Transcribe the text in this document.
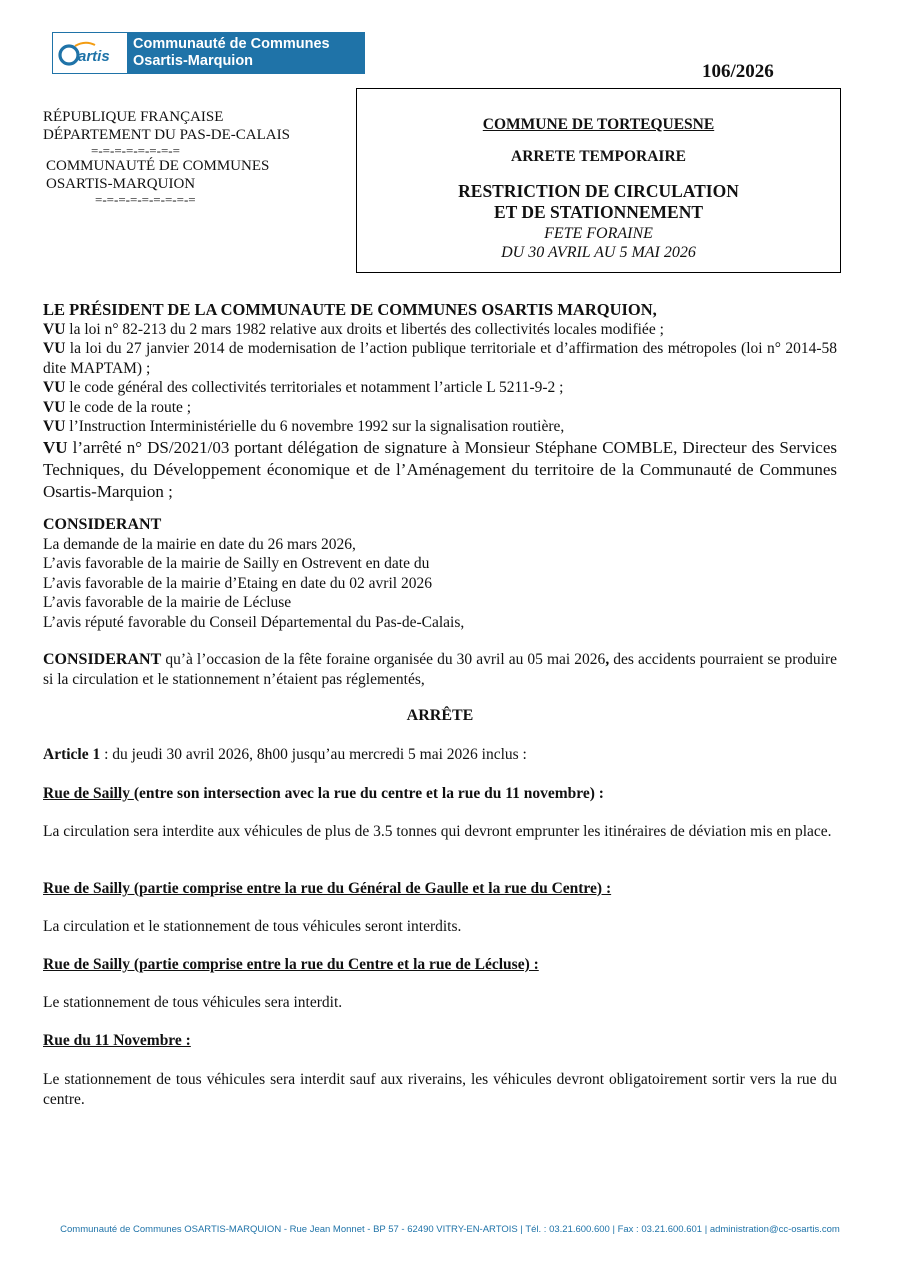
artis
Communauté de Communes
Osartis-Marquion	106/2026
RÉPUBLIQUE FRANÇAISE
DÉPARTEMENT DU PAS-DE-CALAIS
=-=-=-=-=-=-=-=
COMMUNAUTÉ DE COMMUNES
OSARTIS-MARQUION
=-=-=-=-=-=-=-=-=
COMMUNE DE TORTEQUESNE
ARRETE TEMPORAIRE
RESTRICTION DE CIRCULATION
ET DE STATIONNEMENT
FETE FORAINE
DU 30 AVRIL AU 5 MAI 2026
LE PRÉSIDENT DE LA COMMUNAUTE DE COMMUNES OSARTIS MARQUION,
VU la loi n° 82-213 du 2 mars 1982 relative aux droits et libertés des collectivités locales modifiée ;
VU la loi du 27 janvier 2014 de modernisation de l’action publique territoriale et d’affirmation des métropoles (loi n° 2014-58 dite MAPTAM) ;
VU le code général des collectivités territoriales et notamment l’article L 5211-9-2 ;
VU le code de la route ;
VU l’Instruction Interministérielle du 6 novembre 1992 sur la signalisation routière,
VU l’arrêté n° DS/2021/03 portant délégation de signature à Monsieur Stéphane COMBLE, Directeur des Services Techniques, du Développement économique et de l’Aménagement du territoire de la Communauté de Communes Osartis-Marquion ;
CONSIDERANT
La demande de la mairie en date du 26 mars 2026,
L’avis favorable de la mairie de Sailly en Ostrevent en date du
L’avis favorable de la mairie d’Etaing en date du 02 avril 2026
L’avis favorable de la mairie de Lécluse
L’avis réputé favorable du Conseil Départemental du Pas-de-Calais,
CONSIDERANT qu’à l’occasion de la fête foraine organisée du 30 avril au 05 mai 2026, des accidents pourraient se produire si la circulation et le stationnement n’étaient pas réglementés,
ARRÊTE
Article 1 : du jeudi 30 avril 2026, 8h00 jusqu’au mercredi 5 mai 2026 inclus :
Rue de Sailly (entre son intersection avec la rue du centre et la rue du 11 novembre) :
La circulation sera interdite aux véhicules de plus de 3.5 tonnes qui devront emprunter les itinéraires de déviation mis en place.
Rue de Sailly (partie comprise entre la rue du Général de Gaulle et la rue du Centre) :
La circulation et le stationnement de tous véhicules seront interdits.
Rue de Sailly (partie comprise entre la rue du Centre et la rue de Lécluse) :
Le stationnement de tous véhicules sera interdit.
Rue du 11 Novembre :
Le stationnement de tous véhicules sera interdit sauf aux riverains, les véhicules devront obligatoirement sortir vers la rue du centre.
Communauté de Communes OSARTIS-MARQUION - Rue Jean Monnet - BP 57 - 62490 VITRY-EN-ARTOIS | Tél. : 03.21.600.600 | Fax : 03.21.600.601 | administration@cc-osartis.com
